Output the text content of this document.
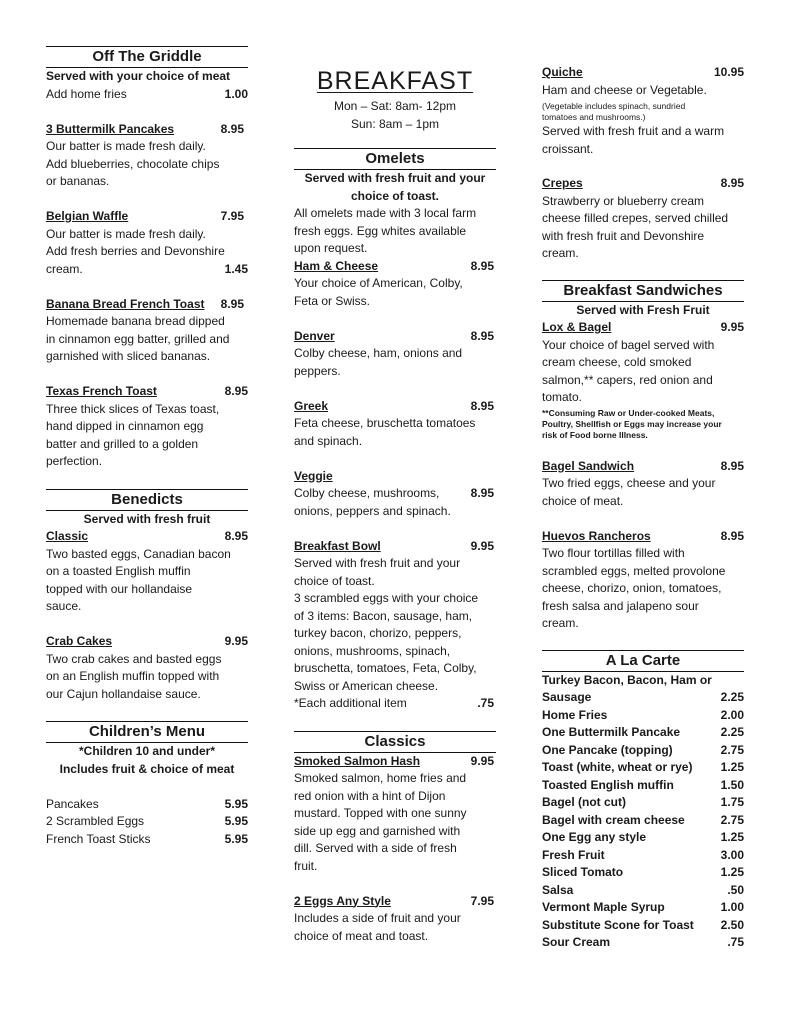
Off The Griddle
Served with your choice of meat
Add home fries	1.00
3 Buttermilk Pancakes	8.95
Our batter is made fresh daily.
Add blueberries, chocolate chips
or bananas.
Belgian Waffle	7.95
Our batter is made fresh daily.
Add fresh berries and Devonshire
cream.	1.45
Banana Bread French Toast 8.95
Homemade banana bread dipped
in cinnamon egg batter, grilled and
garnished with sliced bananas.
Texas French Toast	8.95
Three thick slices of Texas toast,
hand dipped in cinnamon egg
batter and grilled to a golden
perfection.
Benedicts
Served with fresh fruit
Classic	8.95
Two basted eggs, Canadian bacon
on a toasted English muffin
topped with our hollandaise
sauce.
Crab Cakes	9.95
Two crab cakes and basted eggs
on an English muffin topped with
our Cajun hollandaise sauce.
Children’s Menu
*Children 10 and under*
Includes fruit & choice of meat
Pancakes	5.95
2 Scrambled Eggs	5.95
French Toast Sticks	5.95
BREAKFAST
Mon – Sat: 8am- 12pm
Sun: 8am – 1pm
Omelets
Served with fresh fruit and your
choice of toast.
All omelets made with 3 local farm
fresh eggs. Egg whites available
upon request.
Ham & Cheese	8.95
Your choice of American, Colby,
Feta or Swiss.
Denver	8.95
Colby cheese, ham, onions and
peppers.
Greek	8.95
Feta cheese, bruschetta tomatoes
and spinach.
Veggie
Colby cheese, mushrooms,	8.95
onions, peppers and spinach.
Breakfast Bowl	9.95
Served with fresh fruit and your
choice of toast.
3 scrambled eggs with your choice
of 3 items: Bacon, sausage, ham,
turkey bacon, chorizo, peppers,
onions, mushrooms, spinach,
bruschetta, tomatoes, Feta, Colby,
Swiss or American cheese.
*Each additional item	.75
Classics
Smoked Salmon Hash	9.95
Smoked salmon, home fries and
red onion with a hint of Dijon
mustard. Topped with one sunny
side up egg and garnished with
dill. Served with a side of fresh
fruit.
2 Eggs Any Style	7.95
Includes a side of fruit and your
choice of meat and toast.
Quiche	10.95
Ham and cheese or Vegetable.
(Vegetable includes spinach, sundried
tomatoes and mushrooms.)
Served with fresh fruit and a warm
croissant.
Crepes	8.95
Strawberry or blueberry cream
cheese filled crepes, served chilled
with fresh fruit and Devonshire
cream.
Breakfast Sandwiches
Served with Fresh Fruit
Lox & Bagel	9.95
Your choice of bagel served with
cream cheese, cold smoked
salmon,** capers, red onion and
tomato.
**Consuming Raw or Under-cooked Meats,
Poultry, Shellfish or Eggs may increase your
risk of Food borne Illness.
Bagel Sandwich	8.95
Two fried eggs, cheese and your
choice of meat.
Huevos Rancheros	8.95
Two flour tortillas filled with
scrambled eggs, melted provolone
cheese, chorizo, onion, tomatoes,
fresh salsa and jalapeno sour
cream.
A La Carte
Turkey Bacon, Bacon, Ham or
Sausage	2.25
Home Fries	2.00
One Buttermilk Pancake	2.25
One Pancake (topping)	2.75
Toast (white, wheat or rye) 1.25
Toasted English muffin	1.50
Bagel (not cut)	1.75
Bagel with cream cheese	2.75
One Egg any style	1.25
Fresh Fruit	3.00
Sliced Tomato	1.25
Salsa	.50
Vermont Maple Syrup	1.00
Substitute Scone for Toast 2.50
Sour Cream	.75
